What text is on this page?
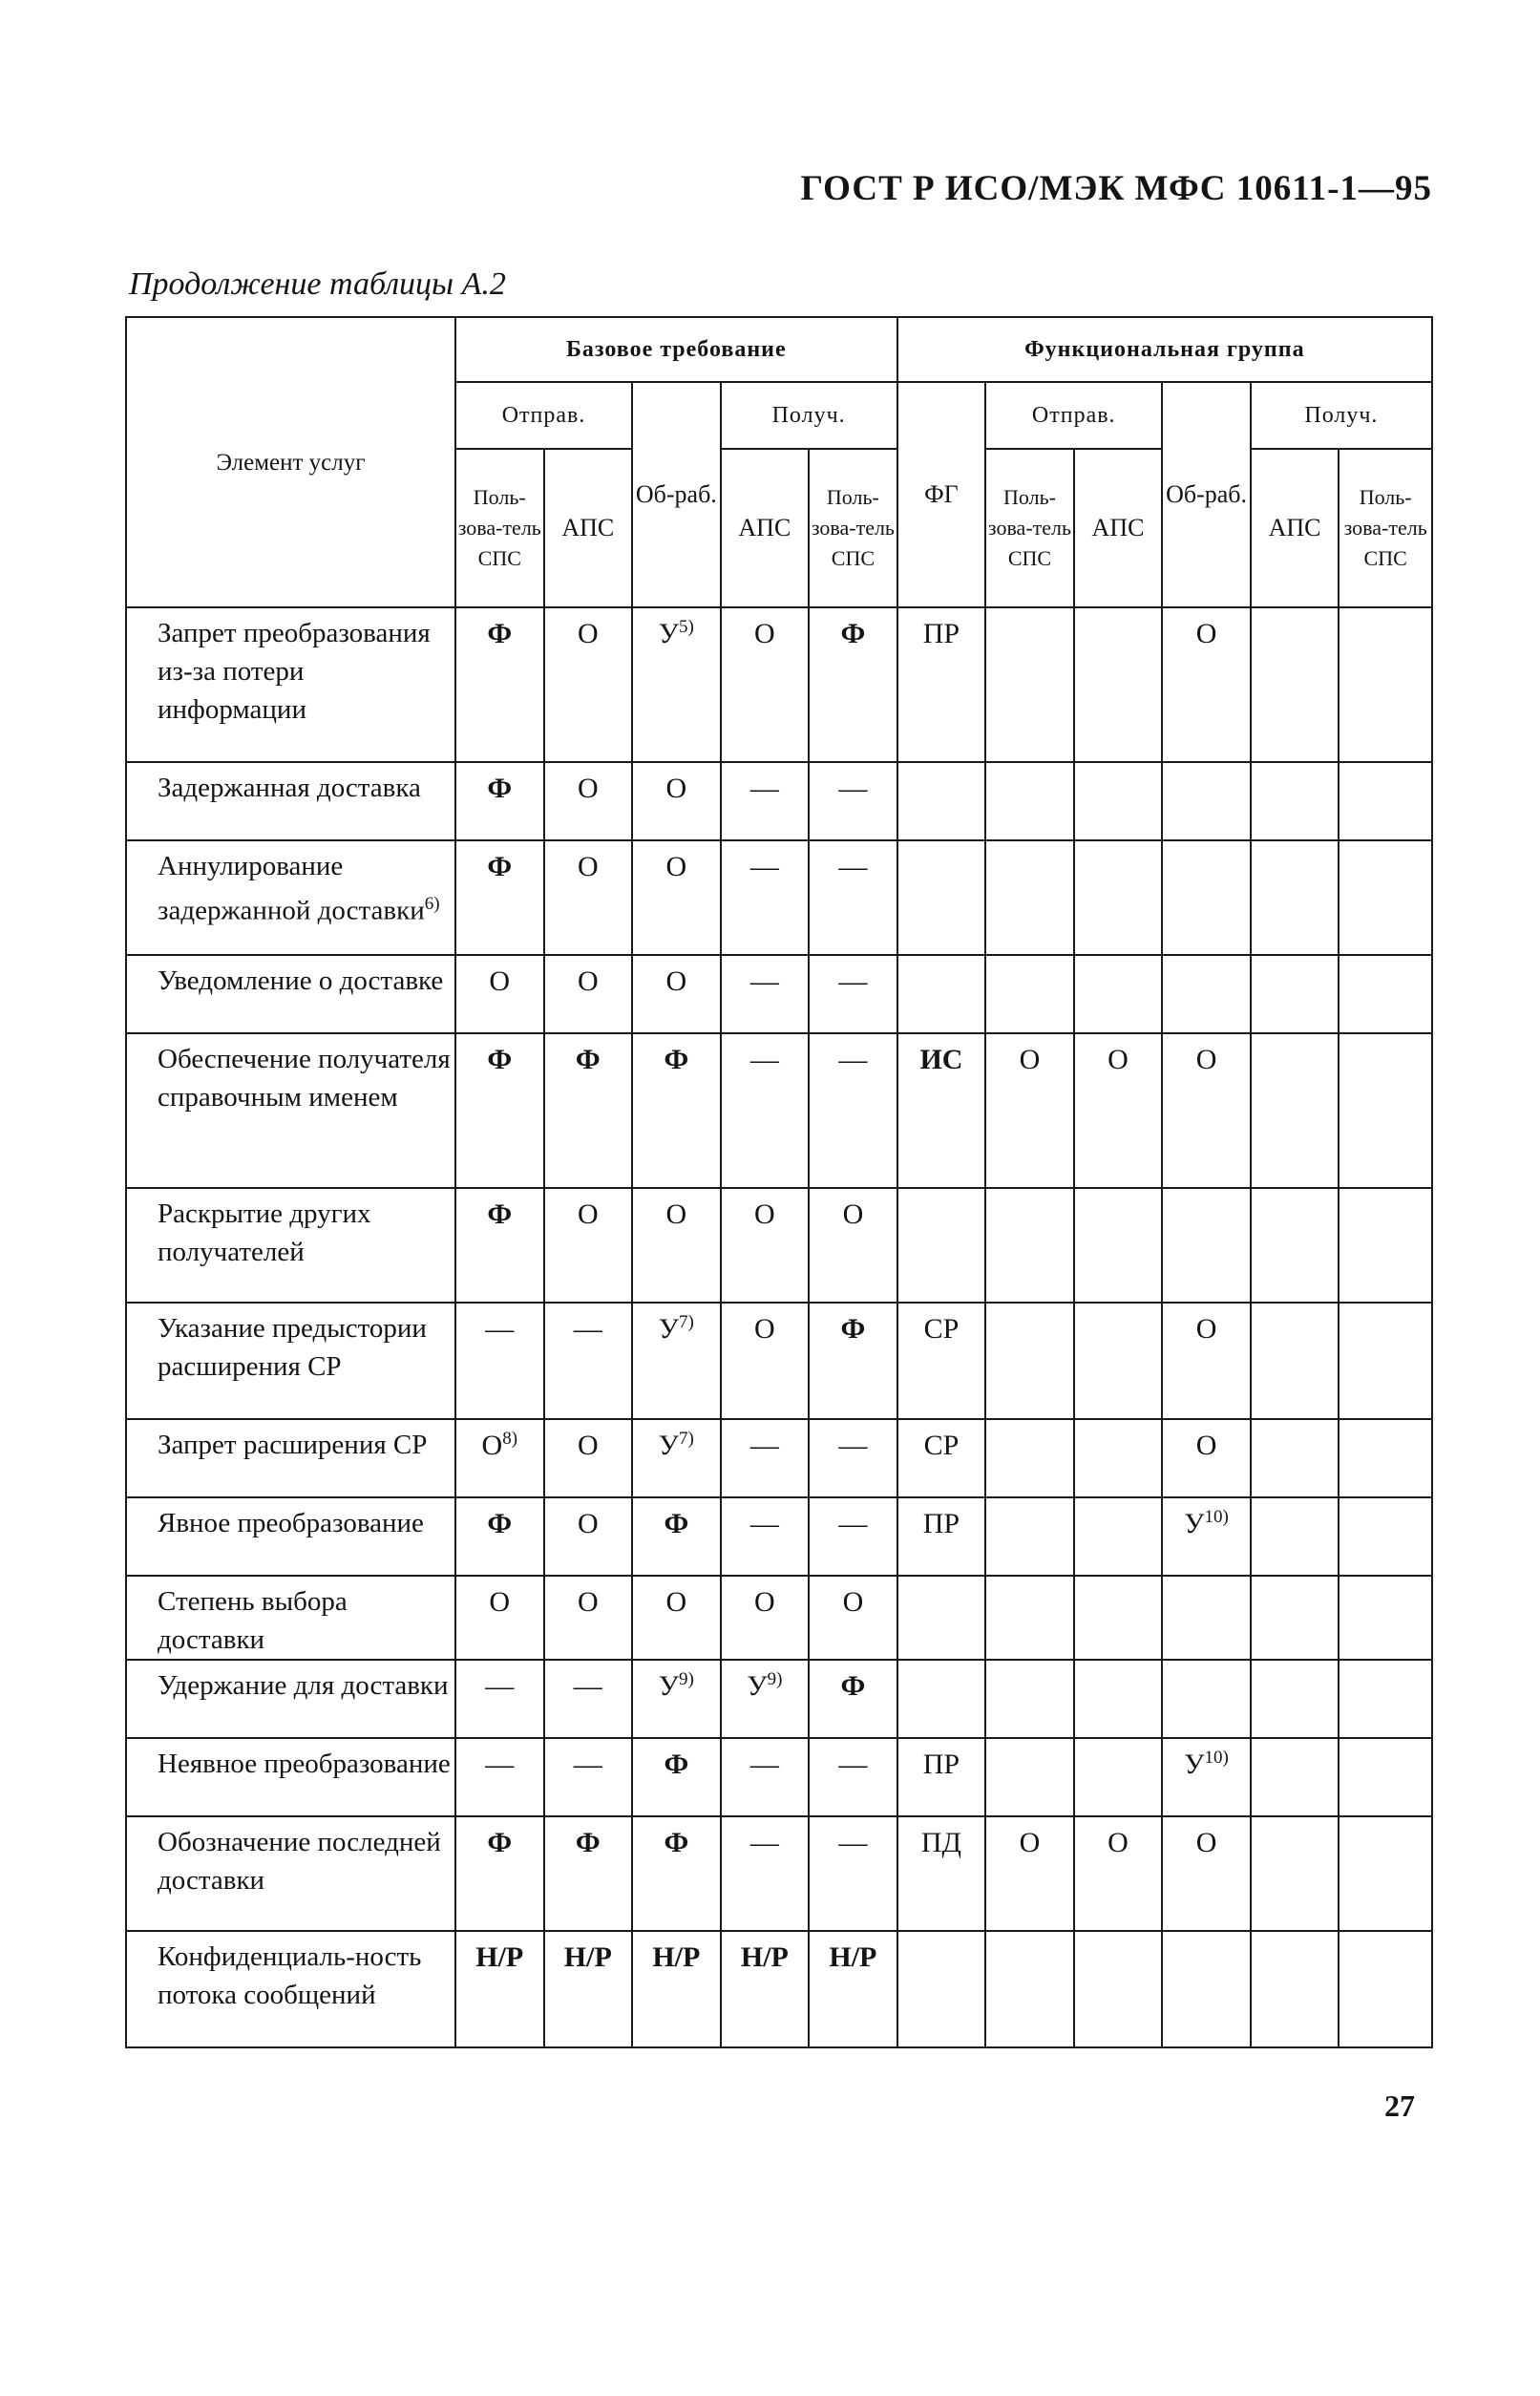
ГОСТ Р ИСО/МЭК МФС 10611-1—95
Продолжение таблицы А.2
Элемент услуг	Базовое требование					Функциональная группа					
	Отправ.		Об-раб.	Получ.		ФГ	Отправ.		Об-раб.	Получ.	
	Поль-зова-тель СПС	АПС		АПС	Поль-зова-тель СПС		Поль-зова-тель СПС	АПС		АПС	Поль-зова-тель СПС
Запрет преобразования из-за потери информации	Ф	О	$У^{5)}$	О	Ф	ПР			О		
Задержанная доставка	Ф	О	О	—	—						
Аннулирование задержанной доставки$^{6)}$	Ф	О	О	—	—						
Уведомление о доставке	О	О	О	—	—						
Обеспечение получателя справочным именем	Ф	Ф	Ф	—	—	ИС	О	О	О		
Раскрытие других получателей	Ф	О	О	О	О						
Указание предыстории расширения СР	—	—	$У^{7)}$	О	Ф	СР			О		
Запрет расширения СР	$О^{8)}$	О	$У^{7)}$	—	—	СР			О		
Явное преобразование	Ф	О	Ф	—	—	ПР			$У^{10)}$		
Степень выбора доставки	О	О	О	О	О						
Удержание для доставки	—	—	$У^{9)}$	$У^{9)}$	Ф						
Неявное преобразование	—	—	Ф	—	—	ПР			$У^{10)}$		
Обозначение последней доставки	Ф	Ф	Ф	—	—	ПД	О	О	О		
Конфиденциаль-ность потока сообщений	Н/Р	Н/Р	Н/Р	Н/Р	Н/Р						
27
